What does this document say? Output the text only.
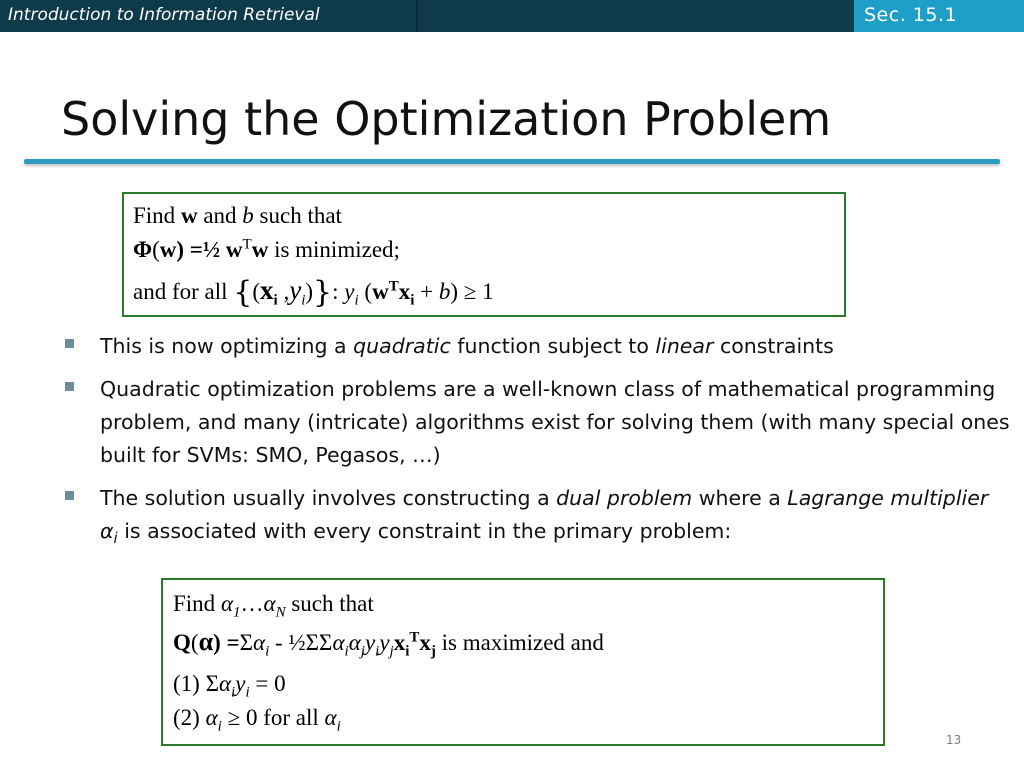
Introduction to Information Retrieval	Sec. 15.1
Solving the Optimization Problem
Find w and b such that
Φ(w) =½ $w^Tw$ is minimized;
and for all {($x_i$ $,y_i$)}: $y_i$ $(w^Tx_i + b) \ge 1$
This is now optimizing a quadratic function subject to linear constraints
Quadratic optimization problems are a well-known class of mathematical programming problem, and many (intricate) algorithms exist for solving them (with many special ones built for SVMs: SMO, Pegasos, …)
The solution usually involves constructing a dual problem where a Lagrange multiplier $\alpha_i$ is associated with every constraint in the primary problem:
Find $\alpha_1\dots\alpha_N$ such that
$Q(\alpha) =\Sigma\alpha_i$ - $\frac{1}{2}\Sigma\Sigma\alpha_i\alpha_jy_iy_jx_i^Tx_j$ is maximized and
(1) $\Sigma\alpha_iy_i = 0$
(2) $\alpha_i \ge 0$ for all $\alpha_i$
13
